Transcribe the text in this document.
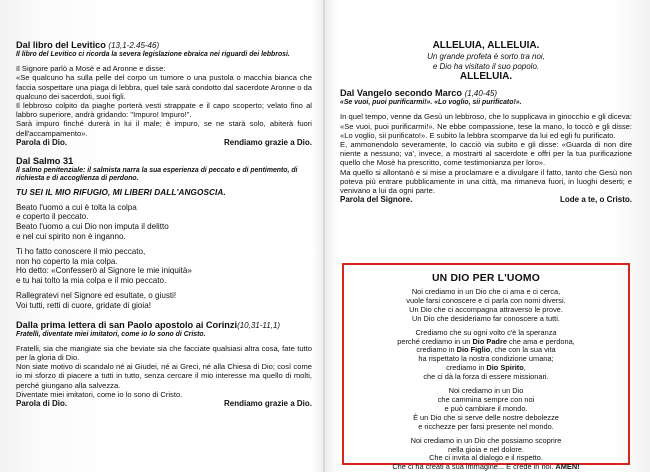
Dal libro del Levitico (13,1-2.45-46)

Il libro del Levitico ci ricorda la severa legislazione ebraica nei riguardi dei lebbrosi.

Il Signore parlò a Mosè e ad Aronne e disse:

«Se qualcuno ha sulla pelle del corpo un tumore o una pustola o macchia bianca che faccia sospettare una piaga di lebbra, quel tale sarà condotto dal sacerdote Aronne o da qualcuno dei sacerdoti, suoi figli.

Il lebbroso colpito da piaghe porterà vesti strappate e il capo scoperto; velato fino al labbro superiore, andrà gridando: "Impuro! Impuro!".

Sarà impuro finché durerà in lui il male; è impuro, se ne starà solo, abiterà fuori dell'accampamento».

Parola di Dio.	Rendiamo grazie a Dio.
Dal Salmo 31

Il salmo penitenziale: il salmista narra la sua esperienza di peccato e di pentimento, di richiesta e di accoglienza di perdono.

TU SEI IL MIO RIFUGIO, MI LIBERI DALL'ANGOSCIA.

Beato l'uomo a cui è tolta la colpa
e coperto il peccato.
Beato l'uomo a cui Dio non imputa il delitto
e nel cui spirito non è inganno.
Ti ho fatto conoscere il mio peccato,
non ho coperto la mia colpa.
Ho detto: «Confesserò al Signore le mie iniquità»
e tu hai tolto la mia colpa e il mio peccato.
Rallegratevi nel Signore ed esultate, o giusti!
Voi tutti, retti di cuore, gridate di gioia!
Dalla prima lettera di san Paolo apostolo ai Corinzi(10,31-11,1)

Fratelli, diventate miei imitatori, come io lo sono di Cristo.

Fratelli, sia che mangiate sia che beviate sia che facciate qualsiasi altra cosa, fate tutto per la gloria di Dio.

Non siate motivo di scandalo né ai Giudei, né ai Greci, né alla Chiesa di Dio; così come io mi sforzo di piacere a tutti in tutto, senza cercare il mio interesse ma quello di molti, perché giungano alla salvezza.

Diventate miei imitatori, come io lo sono di Cristo.

Parola di Dio.	Rendiamo grazie a Dio.
ALLELUIA, ALLELUIA.
Un grande profeta è sorto tra noi,
e Dio ha visitato il suo popolo.
ALLELUIA.
Dal Vangelo secondo Marco (1,40-45)

«Se vuoi, puoi purificarmi!». «Lo voglio, sii purificato!».

In quel tempo, venne da Gesù un lebbroso, che lo supplicava in ginocchio e gli diceva: «Se vuoi, puoi purificarmi!». Ne ebbe compassione, tese la mano, lo toccò e gli disse: «Lo voglio, sii purificato!». E subito la lebbra scomparve da lui ed egli fu purificato.

E, ammonendolo severamente, lo cacciò via subito e gli disse: «Guarda di non dire niente a nessuno; va', invece, a mostrarti al sacerdote e offri per la tua purificazione quello che Mosè ha prescritto, come testimonianza per loro».

Ma quello si allontanò e si mise a proclamare e a divulgare il fatto, tanto che Gesù non poteva più entrare pubblicamente in una città, ma rimaneva fuori, in luoghi deserti; e venivano a lui da ogni parte.

Parola del Signore.	Lode a te, o Cristo.
UN DIO PER L'UOMO
Noi crediamo in un Dio che ci ama e ci cerca,
vuole farsi conoscere e ci parla con nomi diversi.
Un Dio che ci accompagna attraverso le prove.
Un Dio che desideriamo far conoscere a tutti.
Crediamo che su ogni volto c'è la speranza
perché crediamo in un Dio Padre che ama e perdona,
crediamo in Dio Figlio, che con la sua vita
ha rispettato la nostra condizione umana;
crediamo in Dio Spirito,
che ci dà la forza di essere missionari.
Noi crediamo in un Dio
che cammina sempre con noi
e può cambiare il mondo.
È un Dio che si serve delle nostre debolezze
e ricchezze per farsi presente nel mondo.
Noi crediamo in un Dio che possiamo scoprire
nella gioia e nel dolore.
Che ci invita al dialogo e il rispetto.
Che ci ha creati a sua immagine... E crede in noi. AMEN!
